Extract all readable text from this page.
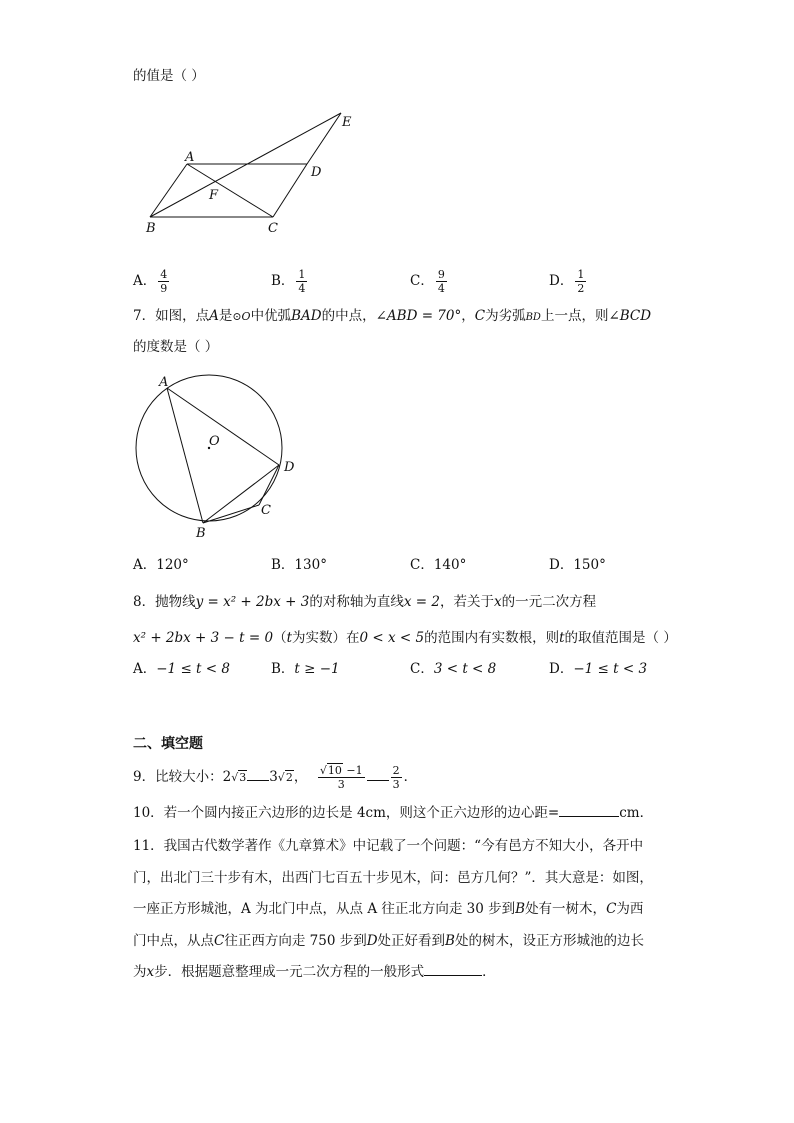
的值是（ ）
A
D
E
F
B	C
A． $\frac{4}{9}$	B． $\frac{1}{4}$	C． $\frac{9}{4}$	D． $\frac{1}{2}$
7．如图，点A是⊙O中优弧BAD的中点，∠ABD = 70°，C为劣弧BD上一点，则∠BCD
的度数是（ ）
A
O
D
C
B
A．120°	B．130°	C．140°	D．150°
8．抛物线y = x² + 2bx + 3的对称轴为直线x = 2，若关于x的一元二次方程
x² + 2bx + 3 − t = 0（t为实数）在0 < x < 5的范围内有实数根，则t的取值范围是（ ）
A．−1 ≤ t < 8	B．t ≥ −1	C．3 < t < 8	D．−1 ≤ t < 3
二、填空题
9．比较大小：2√3 3√2， $\frac{√10 -1}{3} \frac{2}{3}$ ．
10．若一个圆内接正六边形的边长是 4cm，则这个正六边形的边心距=	cm．
11．我国古代数学著作《九章算术》中记载了一个问题：“今有邑方不知大小，各开中
门，出北门三十步有木，出西门七百五十步见木，问：邑方几何？”．其大意是：如图，
一座正方形城池，A 为北门中点，从点 A 往正北方向走 30 步到B处有一树木，C为西
门中点，从点C往正西方向走 750 步到D处正好看到B处的树木，设正方形城池的边长
为x步．根据题意整理成一元二次方程的一般形式	．
